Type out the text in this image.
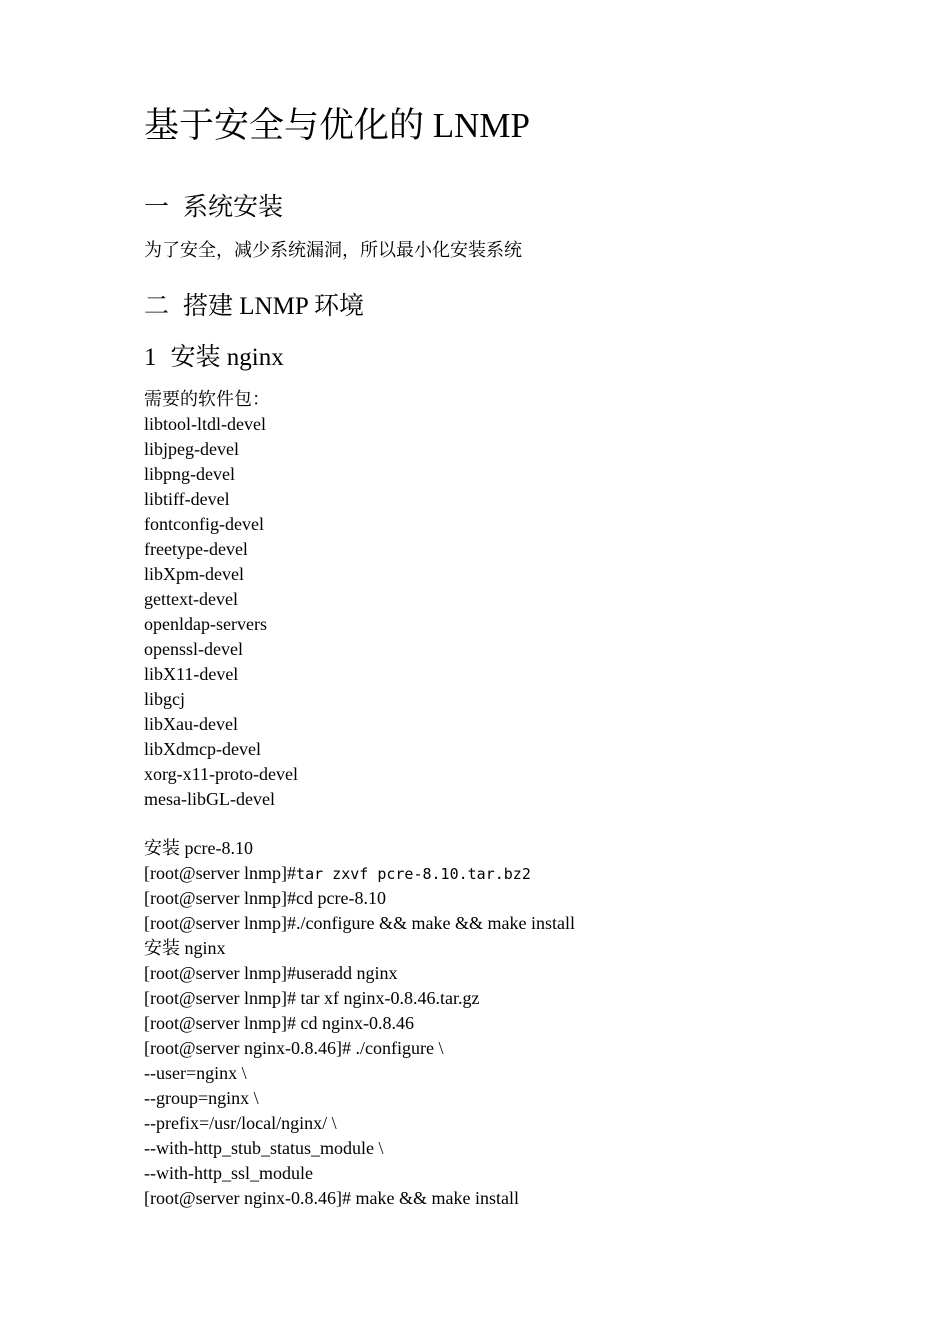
基于安全与优化的 LNMP
一 系统安装
为了安全，减少系统漏洞，所以最小化安装系统
二 搭建 LNMP 环境
1 安装 nginx
需要的软件包：
libtool-ltdl-devel
libjpeg-devel
libpng-devel
libtiff-devel
fontconfig-devel
freetype-devel
libXpm-devel
gettext-devel
openldap-servers
openssl-devel
libX11-devel
libgcj
libXau-devel
libXdmcp-devel
xorg-x11-proto-devel
mesa-libGL-devel
安装 pcre-8.10
[root@server lnmp]#tar zxvf pcre-8.10.tar.bz2
[root@server lnmp]#cd pcre-8.10
[root@server lnmp]#./configure && make && make install
安装 nginx
[root@server lnmp]#useradd nginx
[root@server lnmp]# tar xf nginx-0.8.46.tar.gz
[root@server lnmp]# cd nginx-0.8.46
[root@server nginx-0.8.46]# ./configure \
--user=nginx \
--group=nginx \
--prefix=/usr/local/nginx/ \
--with-http_stub_status_module \
--with-http_ssl_module
[root@server nginx-0.8.46]# make && make install
